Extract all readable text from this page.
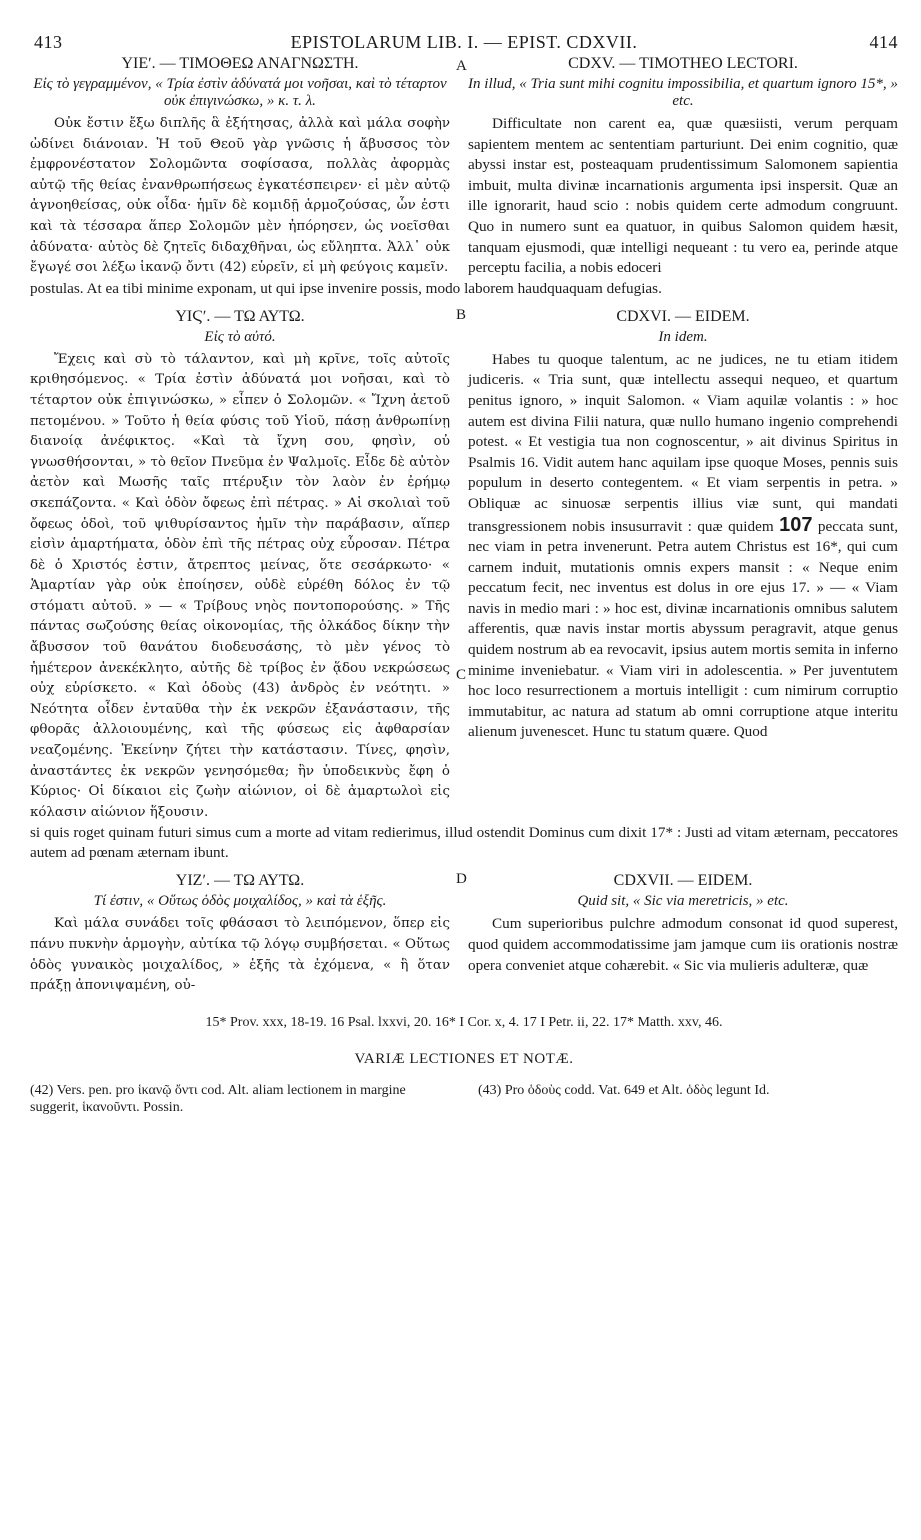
413	EPISTOLARUM LIB. I. — EPIST. CDXVII.	414
A

ΥΙΕʹ. — ΤΙΜΟΘΕΩ ΑΝΑΓΝΩΣΤΗ.

Εἰς τὸ γεγραμμένον, « Τρία ἐστὶν ἀδύνατά μοι νοῆσαι, καὶ τὸ τέταρτον οὐκ ἐπιγινώσκω, » κ. τ. λ.

Οὐκ ἔστιν ἔξω διπλῆς ἃ ἐξήτησας, ἀλλὰ καὶ μάλα σοφὴν ὠδίνει διάνοιαν. Ἡ τοῦ Θεοῦ γὰρ γνῶσις ἡ ἄβυσσος τὸν ἐμφρονέστατον Σολομῶντα σοφίσασα, πολλὰς ἀφορμὰς αὐτῷ τῆς θείας ἐνανθρωπήσεως ἐγκατέσπειρεν· εἰ μὲν αὐτῷ ἀγνοηθείσας, οὐκ οἶδα· ἡμῖν δὲ κομιδῇ ἁρμοζούσας, ὧν ἐστι καὶ τὰ τέσσαρα ἅπερ Σολομῶν μὲν ἠπόρησεν, ὡς νοεῖσθαι ἀδύνατα· αὐτὸς δὲ ζητεῖς διδαχθῆναι, ὡς εὔληπτα. Ἀλλ᾽ οὐκ ἔγωγέ σοι λέξω ἱκανῷ ὄντι (42) εὑρεῖν, εἰ μὴ φεύγοις καμεῖν.

CDXV. — TIMOTHEO LECTORI.

In illud, « Tria sunt mihi cognitu impossibilia, et quartum ignoro 15*, » etc.

Difficultate non carent ea, quæ quæsiisti, verum perquam sapientem mentem ac sententiam parturiunt. Dei enim cognitio, quæ abyssi instar est, posteaquam prudentissimum Salomonem sapientia imbuit, multa divinæ incarnationis argumenta ipsi inspersit. Quæ an ille ignorarit, haud scio : nobis quidem certe admodum congruunt. Quo in numero sunt ea quatuor, in quibus Salomon quidem hæsit, tanquam ejusmodi, quæ intelligi nequeant : tu vero ea, perinde atque perceptu facilia, a nobis edoceri

postulas. At ea tibi minime exponam, ut qui ipse invenire possis, modo laborem haudquaquam defugias.

B
C

ΥΙϚʹ. — ΤΩ ΑΥΤΩ.

Εἰς τὸ αὐτό.

Ἔχεις καὶ σὺ τὸ τάλαντον, καὶ μὴ κρῖνε, τοῖς αὐτοῖς κριθησόμενος. « Τρία ἐστὶν ἀδύνατά μοι νοῆσαι, καὶ τὸ τέταρτον οὐκ ἐπιγινώσκω, » εἶπεν ὁ Σολομῶν. « Ἴχνη ἀετοῦ πετομένου. » Τοῦτο ἡ θεία φύσις τοῦ Υἱοῦ, πάσῃ ἀνθρωπίνῃ διανοίᾳ ἀνέφικτος. «Καὶ τὰ ἴχνη σου, φησὶν, οὐ γνωσθήσονται, » τὸ θεῖον Πνεῦμα ἐν Ψαλμοῖς. Εἶδε δὲ αὐτὸν ἀετὸν καὶ Μωσῆς ταῖς πτέρυξιν τὸν λαὸν ἐν ἐρήμῳ σκεπάζοντα. « Καὶ ὁδὸν ὄφεως ἐπὶ πέτρας. » Αἱ σκολιαὶ τοῦ ὄφεως ὁδοὶ, τοῦ ψιθυρίσαντος ἡμῖν τὴν παράβασιν, αἵπερ εἰσὶν ἁμαρτήματα, ὁδὸν ἐπὶ τῆς πέτρας οὐχ εὗροσαν. Πέτρα δὲ ὁ Χριστός ἐστιν, ἄτρεπτος μείνας, ὅτε σεσάρκωτο· « Ἁμαρτίαν γὰρ οὐκ ἐποίησεν, οὐδὲ εὑρέθη δόλος ἐν τῷ στόματι αὐτοῦ. » — « Τρίβους νηὸς ποντοπορούσης. » Τῆς πάντας σωζούσης θείας οἰκονομίας, τῆς ὁλκάδος δίκην τὴν ἄβυσσον τοῦ θανάτου διοδευσάσης, τὸ μὲν γένος τὸ ἡμέτερον ἀνεκέκλητο, αὐτῆς δὲ τρίβος ἐν ᾅδου νεκρώσεως οὐχ εὑρίσκετο. « Καὶ ὁδοὺς (43) ἀνδρὸς ἐν νεότητι. » Νεότητα οἶδεν ἐνταῦθα τὴν ἐκ νεκρῶν ἐξανάστασιν, τῆς φθορᾶς ἀλλοιουμένης, καὶ τῆς φύσεως εἰς ἀφθαρσίαν νεαζομένης. Ἐκείνην ζήτει τὴν κατάστασιν. Τίνες, φησὶν, ἀναστάντες ἐκ νεκρῶν γενησόμεθα; ἣν ὑποδεικνὺς ἔφη ὁ Κύριος· Οἱ δίκαιοι εἰς ζωὴν αἰώνιον, οἱ δὲ ἁμαρτωλοὶ εἰς κόλασιν αἰώνιον ἥξουσιν.

CDXVI. — EIDEM.

In idem.

Habes tu quoque talentum, ac ne judices, ne tu etiam itidem judiceris. « Tria sunt, quæ intellectu assequi nequeo, et quartum penitus ignoro, » inquit Salomon. « Viam aquilæ volantis : » hoc autem est divina Filii natura, quæ nullo humano ingenio comprehendi potest. « Et vestigia tua non cognoscentur, » ait divinus Spiritus in Psalmis 16. Vidit autem hanc aquilam ipse quoque Moses, pennis suis populum in deserto contegentem. « Et viam serpentis in petra. » Obliquæ ac sinuosæ serpentis illius viæ sunt, qui mandati transgressionem nobis insusurravit : quæ quidem 107 peccata sunt, nec viam in petra invenerunt. Petra autem Christus est 16*, qui cum carnem induit, mutationis omnis expers mansit : « Neque enim peccatum fecit, nec inventus est dolus in ore ejus 17. » — « Viam navis in medio mari : » hoc est, divinæ incarnationis omnibus salutem afferentis, quæ navis instar mortis abyssum peragravit, atque genus quidem nostrum ab ea revocavit, ipsius autem mortis semita in inferno minime inveniebatur. « Viam viri in adolescentia. » Per juventutem hoc loco resurrectionem a mortuis intelligit : cum nimirum corruptio immutabitur, ac natura ad statum ab omni corruptione atque interitu alienum juvenescet. Hunc tu statum quære. Quod

si quis roget quinam futuri simus cum a morte ad vitam redierimus, illud ostendit Dominus cum dixit 17* : Justi ad vitam æternam, peccatores autem ad pœnam æternam ibunt.

D

ΥΙΖʹ. — ΤΩ ΑΥΤΩ.

Τί ἐστιν, « Οὕτως ὁδὸς μοιχαλίδος, » καὶ τὰ ἑξῆς.

Καὶ μάλα συνάδει τοῖς φθάσασι τὸ λειπόμενον, ὅπερ εἰς πάνυ πυκνὴν ἁρμογὴν, αὐτίκα τῷ λόγῳ συμβήσεται. « Οὕτως ὁδὸς γυναικὸς μοιχαλίδος, » ἑξῆς τὰ ἐχόμενα, « ἣ ὅταν πράξῃ ἀπονιψαμένη, οὐ-

CDXVII. — EIDEM.

Quid sit, « Sic via meretricis, » etc.

Cum superioribus pulchre admodum consonat id quod superest, quod quidem accommodatissime jam jamque cum iis orationis nostræ opera conveniet atque cohærebit. « Sic via mulieris adulteræ, quæ

15* Prov. xxx, 18-19. 16 Psal. lxxvi, 20. 16* I Cor. x, 4. 17 I Petr. ii, 22. 17* Matth. xxv, 46.
VARIÆ LECTIONES ET NOTÆ.
(42) Vers. pen. pro ἱκανῷ ὄντι cod. Alt. aliam lectionem in margine suggerit, ἱκανοῦντι. Possin.
(43) Pro ὁδοὺς codd. Vat. 649 et Alt. ὁδὸς legunt Id.
